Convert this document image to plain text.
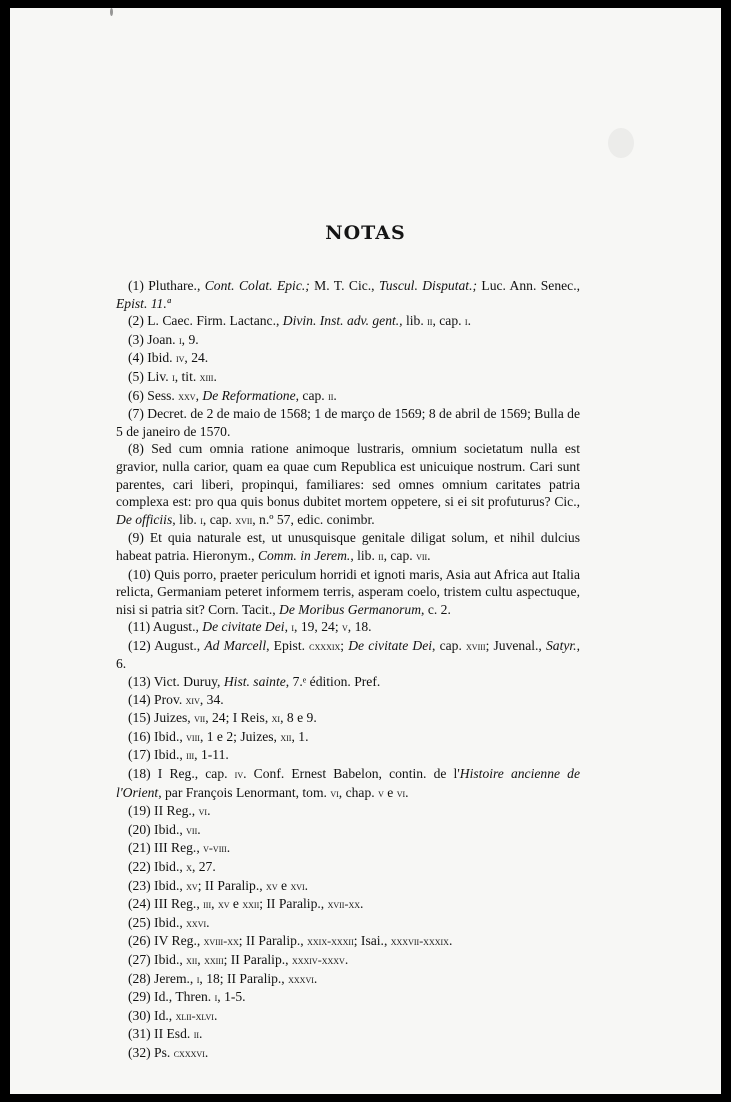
NOTAS

(1) Pluthare., Cont. Colat. Epic.; M. T. Cic., Tuscul. Disputat.; Luc. Ann. Senec., Epist. 11.ª

(2) L. Caec. Firm. Lactanc., Divin. Inst. adv. gent., lib. ii, cap. i.

(3) Joan. i, 9.

(4) Ibid. iv, 24.

(5) Liv. i, tit. xiii.

(6) Sess. xxv, De Reformatione, cap. ii.

(7) Decret. de 2 de maio de 1568; 1 de março de 1569; 8 de abril de 1569; Bulla de 5 de janeiro de 1570.

(8) Sed cum omnia ratione animoque lustraris, omnium societatum nulla est gravior, nulla carior, quam ea quae cum Republica est unicuique nostrum. Cari sunt parentes, cari liberi, propinqui, familiares: sed omnes omnium caritates patria complexa est: pro qua quis bonus dubitet mortem oppetere, si ei sit profuturus? Cic., De officiis, lib. i, cap. xvii, n.º 57, edic. conimbr.

(9) Et quia naturale est, ut unusquisque genitale diligat solum, et nihil dulcius habeat patria. Hieronym., Comm. in Jerem., lib. ii, cap. vii.

(10) Quis porro, praeter periculum horridi et ignoti maris, Asia aut Africa aut Italia relicta, Germaniam peteret informem terris, asperam coelo, tristem cultu aspectuque, nisi si patria sit? Corn. Tacit., De Moribus Germanorum, c. 2.

(11) August., De civitate Dei, i, 19, 24; v, 18.

(12) August., Ad Marcell, Epist. cxxxix; De civitate Dei, cap. xviii; Juvenal., Satyr., 6.

(13) Vict. Duruy, Hist. sainte, 7.ᵉ édition. Pref.

(14) Prov. xiv, 34.

(15) Juizes, vii, 24; I Reis, xi, 8 e 9.

(16) Ibid., viii, 1 e 2; Juizes, xii, 1.

(17) Ibid., iii, 1-11.

(18) I Reg., cap. iv. Conf. Ernest Babelon, contin. de l'Histoire ancienne de l'Orient, par François Lenormant, tom. vi, chap. v e vi.

(19) II Reg., vi.

(20) Ibid., vii.

(21) III Reg., v-viii.

(22) Ibid., x, 27.

(23) Ibid., xv; II Paralip., xv e xvi.

(24) III Reg., iii, xv e xxii; II Paralip., xvii-xx.

(25) Ibid., xxvi.

(26) IV Reg., xviii-xx; II Paralip., xxix-xxxii; Isai., xxxvii-xxxix.

(27) Ibid., xii, xxiii; II Paralip., xxxiv-xxxv.

(28) Jerem., i, 18; II Paralip., xxxvi.

(29) Id., Thren. i, 1-5.

(30) Id., xlii-xlvi.

(31) II Esd. ii.

(32) Ps. cxxxvi.
